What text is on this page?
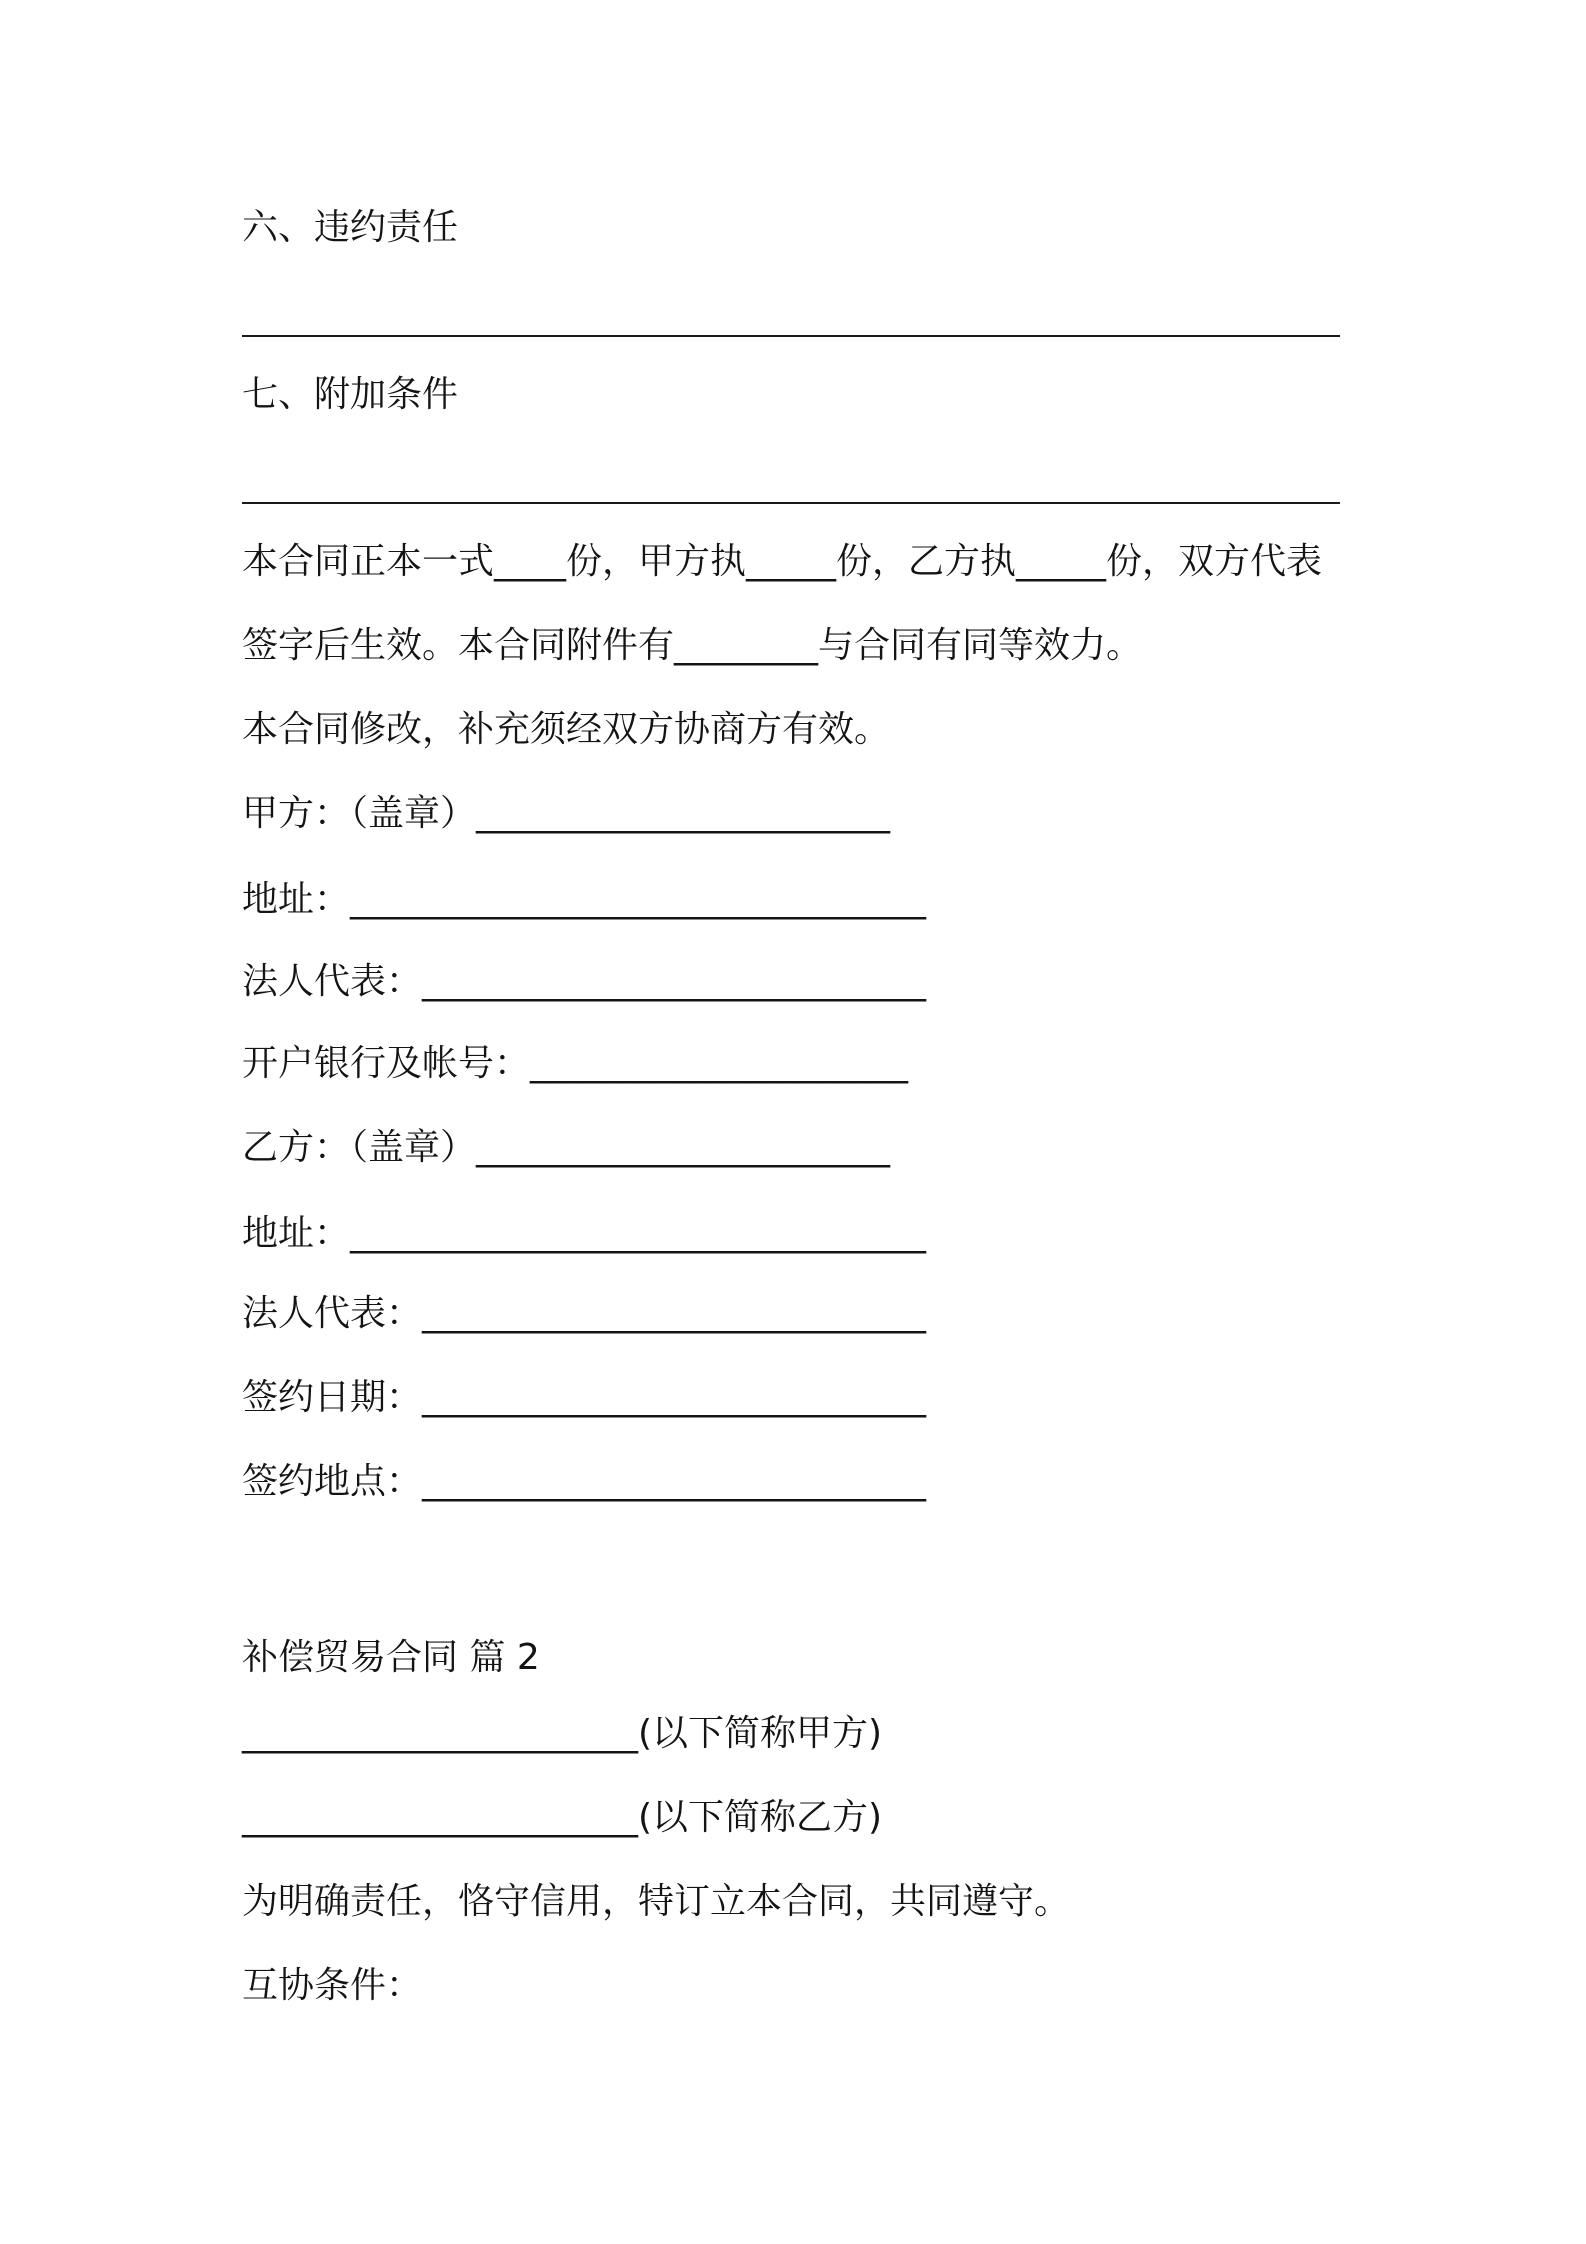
六、违约责任

七、附加条件

本合同正本一式____份，甲方执_____份，乙方执_____份，双方代表

签字后生效。本合同附件有________与合同有同等效力。

本合同修改，补充须经双方协商方有效。

甲方：（盖章）_______________________

地址：________________________________

法人代表：____________________________

开户银行及帐号：_____________________

乙方：（盖章）_______________________

地址：________________________________

法人代表：____________________________

签约日期：____________________________

签约地点：____________________________

补偿贸易合同 篇 2

______________________(以下简称甲方)

______________________(以下简称乙方)

为明确责任，恪守信用，特订立本合同，共同遵守。

互协条件：
